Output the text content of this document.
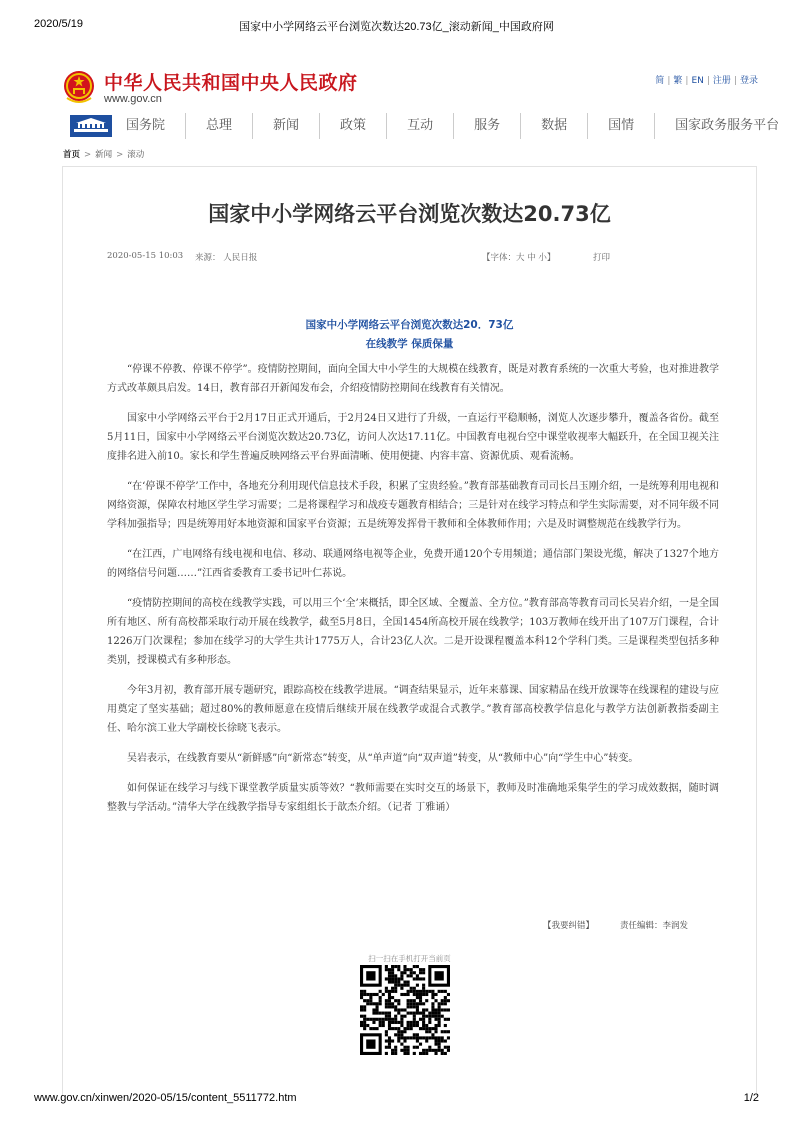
2020/5/19	国家中小学网络云平台浏览次数达20.73亿_滚动新闻_中国政府网
中华人民共和国中央人民政府
www.gov.cn
简 | 繁 | EN | 注册 | 登录
国务院	总理	新闻	政策	互动	服务	数据	国情	国家政务服务平台
首页 > 新闻 > 滚动
国家中小学网络云平台浏览次数达20.73亿
2020-05-15 10:03 来源： 人民日报	【字体：大 中 小】	打印
国家中小学网络云平台浏览次数达20．73亿
在线教学 保质保量

“停课不停教、停课不停学”。疫情防控期间，面向全国大中小学生的大规模在线教育，既是对教育系统的一次重大考验，也对推进教学方式改革颇具启发。14日，教育部召开新闻发布会，介绍疫情防控期间在线教育有关情况。

国家中小学网络云平台于2月17日正式开通后，于2月24日又进行了升级，一直运行平稳顺畅，浏览人次逐步攀升，覆盖各省份。截至5月11日，国家中小学网络云平台浏览次数达20.73亿，访问人次达17.11亿。中国教育电视台空中课堂收视率大幅跃升，在全国卫视关注度排名进入前10。家长和学生普遍反映网络云平台界面清晰、使用便捷、内容丰富、资源优质、观看流畅。

“在‘停课不停学’工作中，各地充分利用现代信息技术手段，积累了宝贵经验。”教育部基础教育司司长吕玉刚介绍，一是统筹利用电视和网络资源，保障农村地区学生学习需要；二是将课程学习和战疫专题教育相结合；三是针对在线学习特点和学生实际需要，对不同年级不同学科加强指导；四是统筹用好本地资源和国家平台资源；五是统筹发挥骨干教师和全体教师作用；六是及时调整规范在线教学行为。

“在江西，广电网络有线电视和电信、移动、联通网络电视等企业，免费开通120个专用频道；通信部门架设光缆，解决了1327个地方的网络信号问题……”江西省委教育工委书记叶仁荪说。

“疫情防控期间的高校在线教学实践，可以用三个‘全’来概括，即全区域、全覆盖、全方位。”教育部高等教育司司长吴岩介绍，一是全国所有地区、所有高校都采取行动开展在线教学，截至5月8日，全国1454所高校开展在线教学；103万教师在线开出了107万门课程，合计1226万门次课程；参加在线学习的大学生共计1775万人，合计23亿人次。二是开设课程覆盖本科12个学科门类。三是课程类型包括多种类别，授课模式有多种形态。

今年3月初，教育部开展专题研究，跟踪高校在线教学进展。“调查结果显示，近年来慕课、国家精品在线开放课等在线课程的建设与应用奠定了坚实基础；超过80%的教师愿意在疫情后继续开展在线教学或混合式教学。”教育部高校教学信息化与教学方法创新教指委副主任、哈尔滨工业大学副校长徐晓飞表示。

吴岩表示，在线教育要从“新鲜感”向“新常态”转变，从“单声道”向“双声道”转变，从“教师中心”向“学生中心”转变。

如何保证在线学习与线下课堂教学质量实质等效？“教师需要在实时交互的场景下，教师及时准确地采集学生的学习成效数据，随时调整教与学活动。”清华大学在线教学指导专家组组长于歆杰介绍。（记者 丁雅诵）

【我要纠错】	责任编辑：李润发
扫一扫在手机打开当前页
www.gov.cn/xinwen/2020-05/15/content_5511772.htm	1/2
